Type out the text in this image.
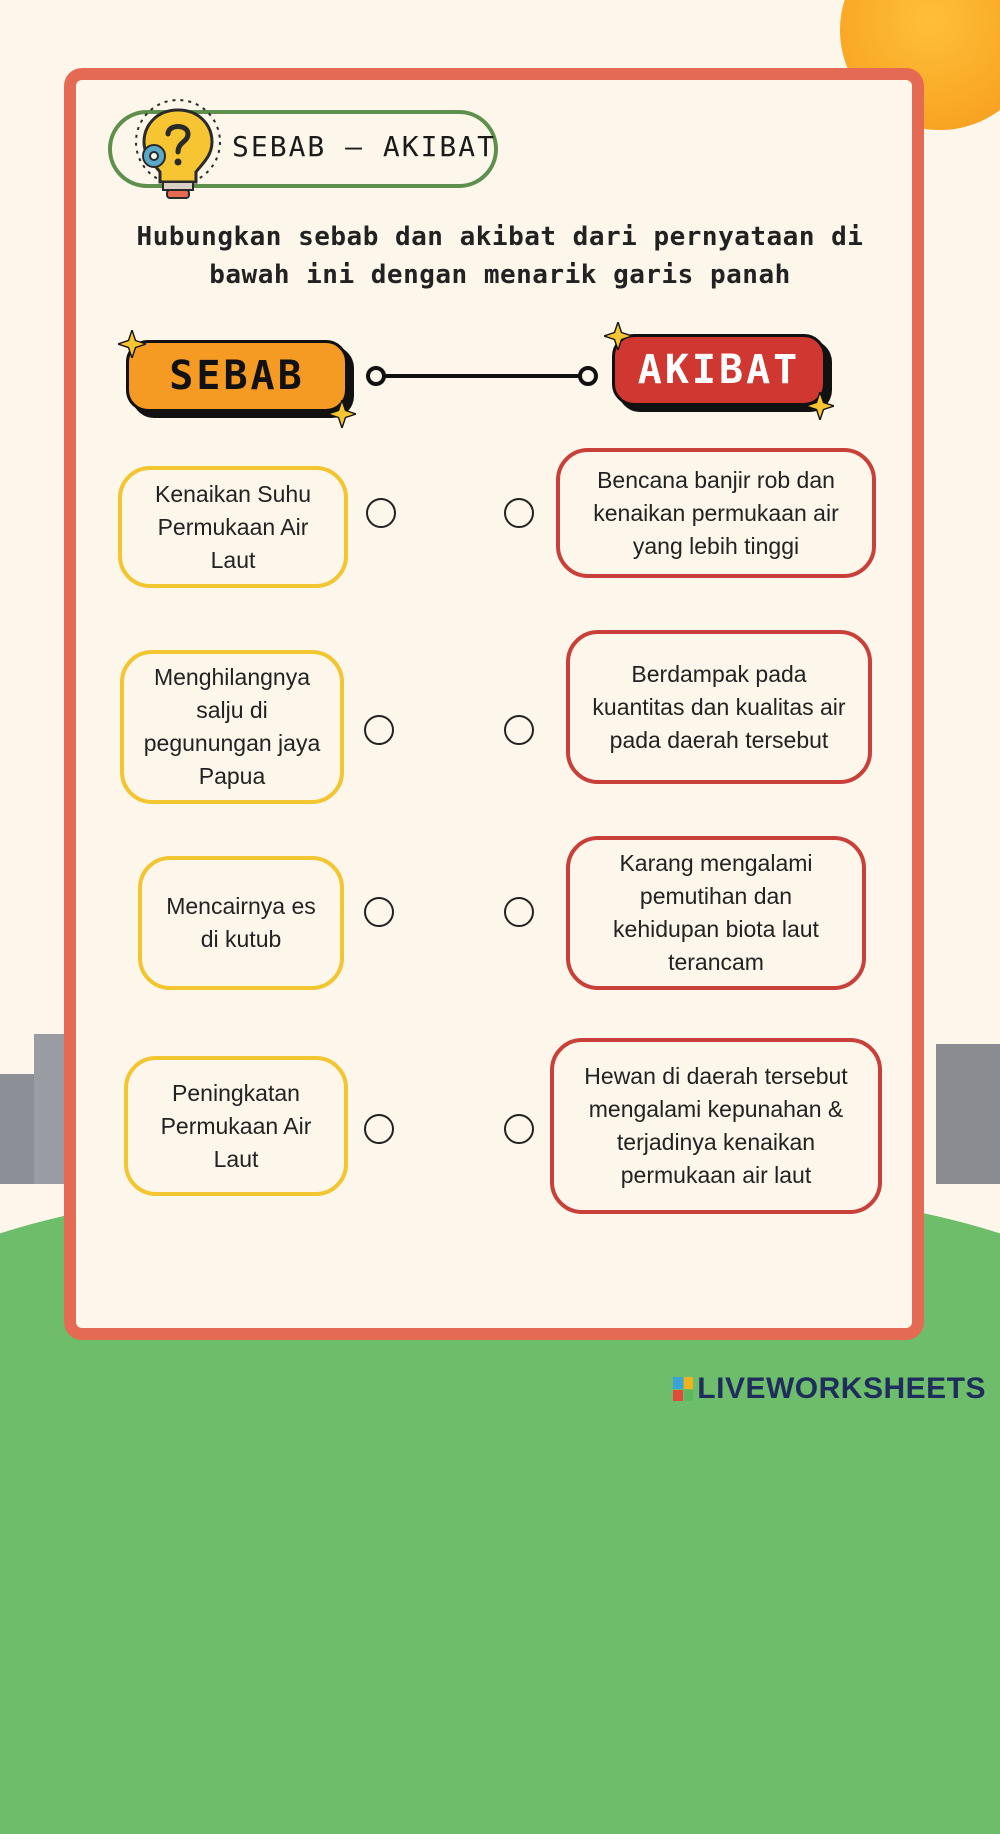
SEBAB – AKIBAT
Hubungkan sebab dan akibat dari pernyataan di bawah ini dengan menarik garis panah
SEBAB	AKIBAT
Kenaikan Suhu Permukaan Air Laut
Menghilangnya salju di pegunungan jaya Papua
Mencairnya es di kutub
Peningkatan Permukaan Air Laut
Bencana banjir rob dan kenaikan permukaan air yang lebih tinggi
Berdampak pada kuantitas dan kualitas air pada daerah tersebut
Karang mengalami pemutihan dan kehidupan biota laut terancam
Hewan di daerah tersebut mengalami kepunahan & terjadinya kenaikan permukaan air laut
LIVEWORKSHEETS
